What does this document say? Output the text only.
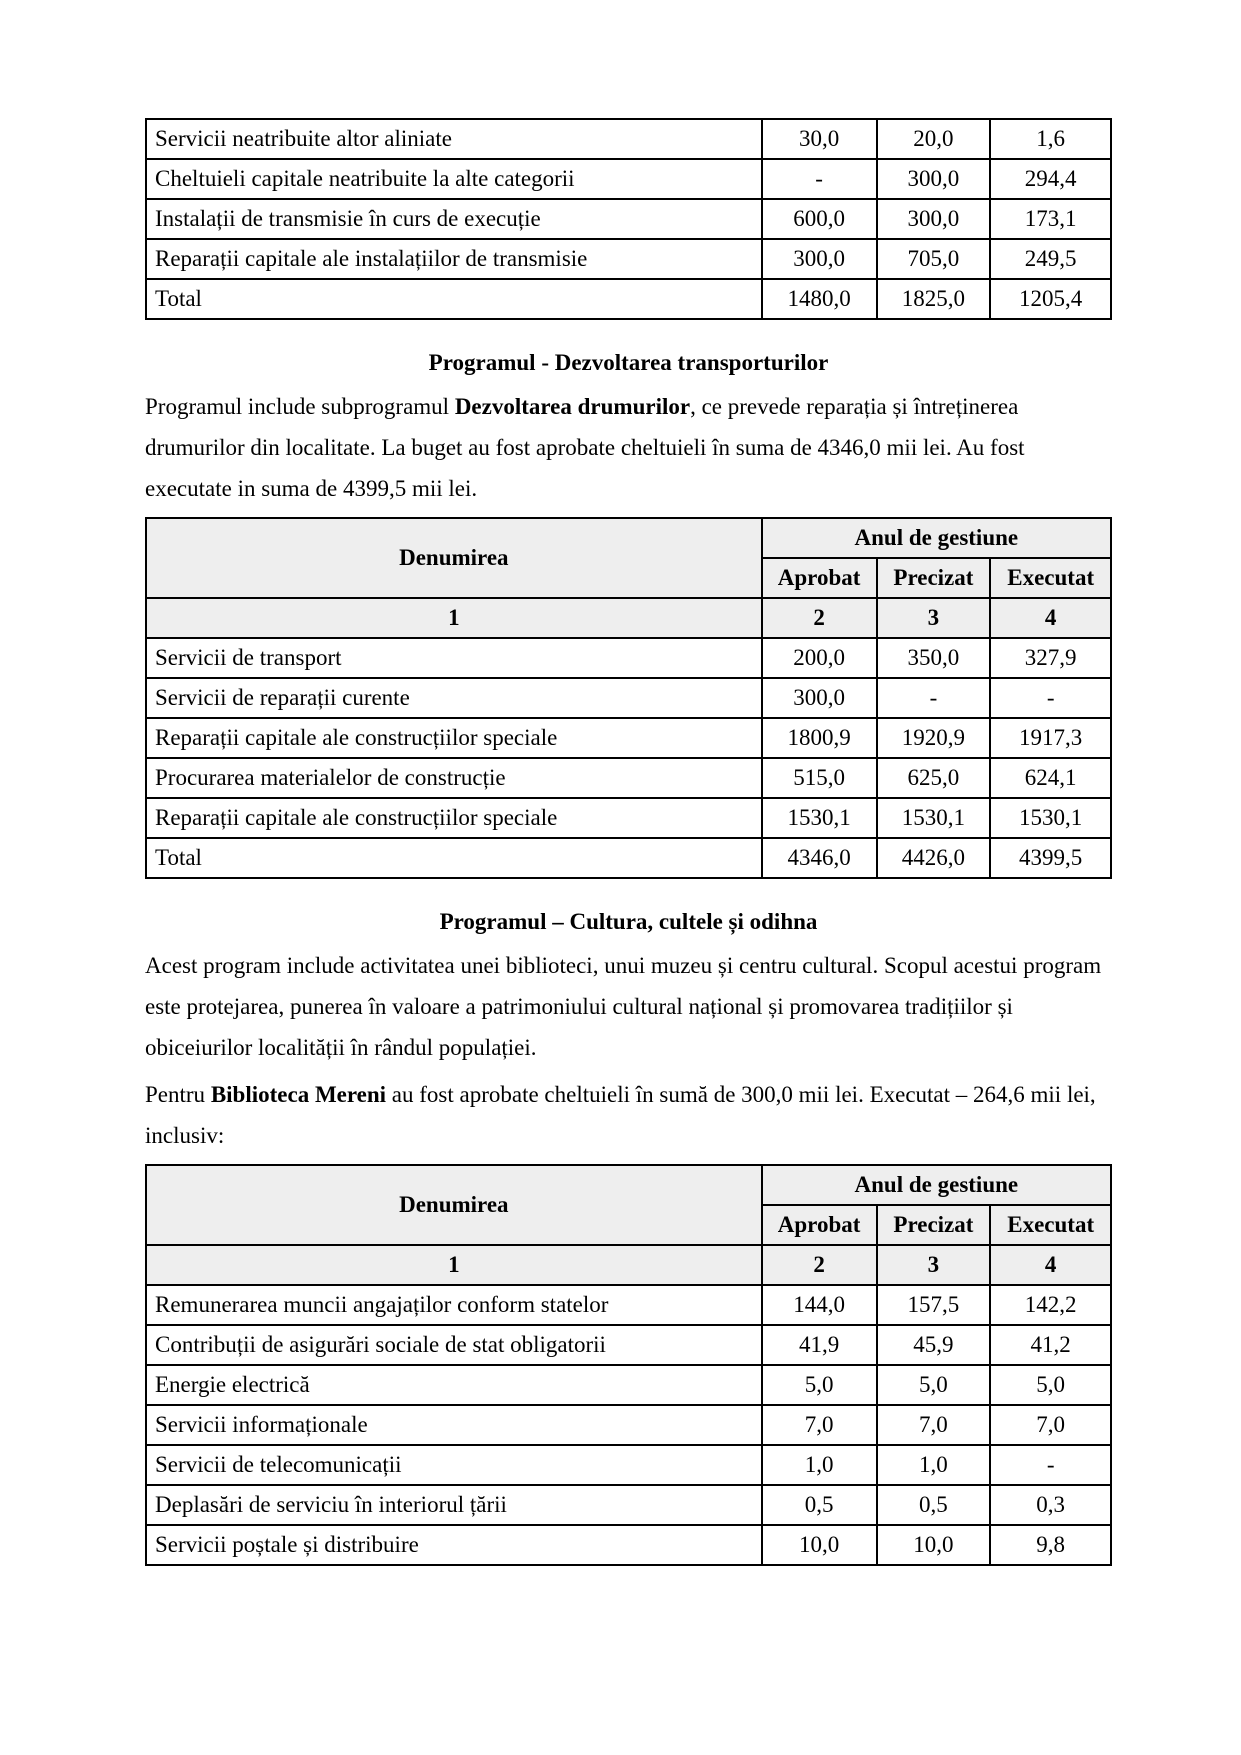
Servicii neatribuite altor aliniate	30,0	20,0	1,6
Cheltuieli capitale neatribuite la alte categorii	-	300,0	294,4
Instalații de transmisie în curs de execuție	600,0	300,0	173,1
Reparații capitale ale instalațiilor de transmisie	300,0	705,0	249,5
Total	1480,0	1825,0	1205,4
Programul - Dezvoltarea transporturilor

Programul include subprogramul Dezvoltarea drumurilor, ce prevede reparația și întreținerea drumurilor din localitate. La buget au fost aprobate cheltuieli în suma de 4346,0 mii lei. Au fost executate in suma de 4399,5 mii lei.

Denumirea	Anul de gestiune		
	Aprobat	Precizat	Executat
1	2	3	4
Servicii de transport	200,0	350,0	327,9
Servicii de reparații curente	300,0	-	-
Reparații capitale ale construcțiilor speciale	1800,9	1920,9	1917,3
Procurarea materialelor de construcție	515,0	625,0	624,1
Reparații capitale ale construcțiilor speciale	1530,1	1530,1	1530,1
Total	4346,0	4426,0	4399,5
Programul – Cultura, cultele și odihna

Acest program include activitatea unei biblioteci, unui muzeu și centru cultural. Scopul acestui program este protejarea, punerea în valoare a patrimoniului cultural național și promovarea tradițiilor și obiceiurilor localității în rândul populației.

Pentru Biblioteca Mereni au fost aprobate cheltuieli în sumă de 300,0 mii lei. Executat – 264,6 mii lei, inclusiv:

Denumirea	Anul de gestiune		
	Aprobat	Precizat	Executat
1	2	3	4
Remunerarea muncii angajaților conform statelor	144,0	157,5	142,2
Contribuții de asigurări sociale de stat obligatorii	41,9	45,9	41,2
Energie electrică	5,0	5,0	5,0
Servicii informaționale	7,0	7,0	7,0
Servicii de telecomunicații	1,0	1,0	-
Deplasări de serviciu în interiorul țării	0,5	0,5	0,3
Servicii poștale și distribuire	10,0	10,0	9,8
